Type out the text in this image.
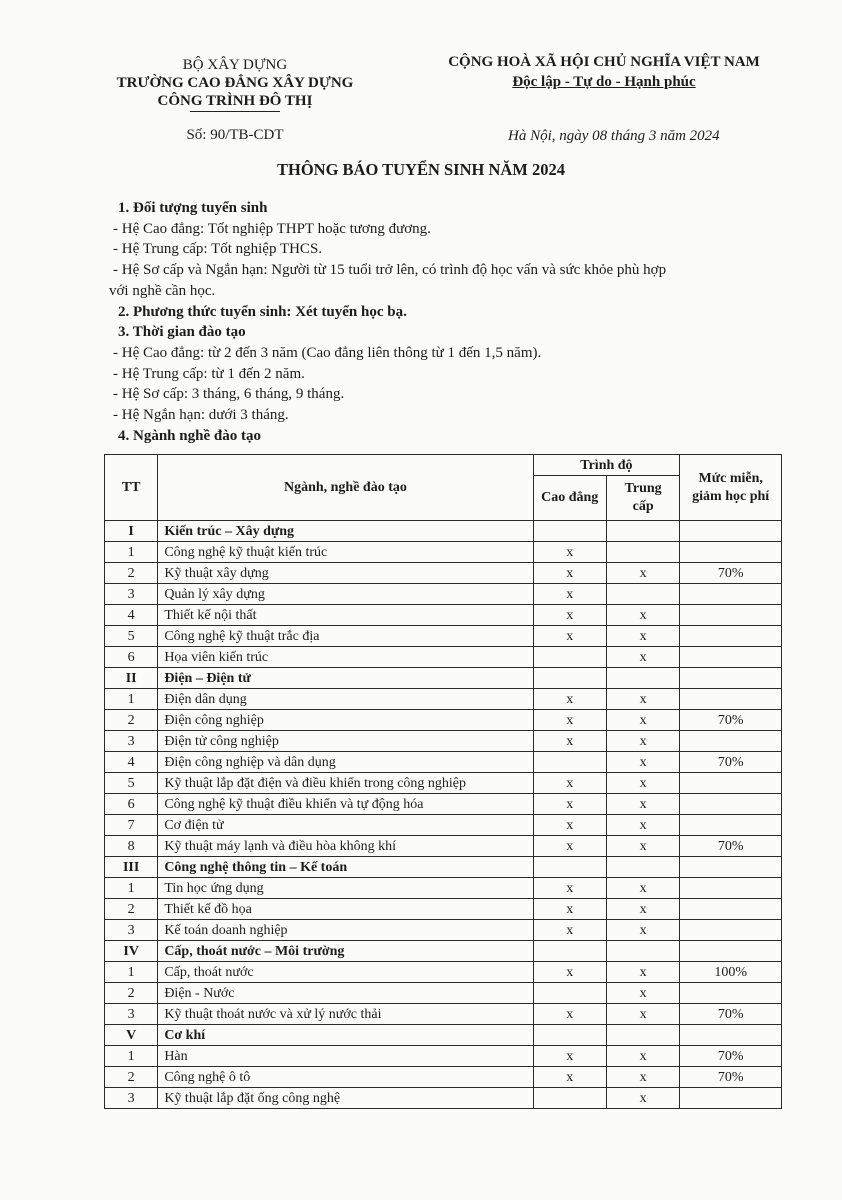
BỘ XÂY DỰNG
TRƯỜNG CAO ĐẲNG XÂY DỰNG
CÔNG TRÌNH ĐÔ THỊ
Số: 90/TB-CDT
CỘNG HOÀ XÃ HỘI CHỦ NGHĨA VIỆT NAM
Độc lập - Tự do - Hạnh phúc
Hà Nội, ngày 08 tháng 3 năm 2024
THÔNG BÁO TUYỂN SINH NĂM 2024

1. Đối tượng tuyển sinh

- Hệ Cao đẳng: Tốt nghiệp THPT hoặc tương đương.

- Hệ Trung cấp: Tốt nghiệp THCS.

- Hệ Sơ cấp và Ngắn hạn: Người từ 15 tuổi trở lên, có trình độ học vấn và sức khỏe phù hợp

với nghề cần học.

2. Phương thức tuyển sinh: Xét tuyển học bạ.

3. Thời gian đào tạo

- Hệ Cao đẳng: từ 2 đến 3 năm (Cao đẳng liên thông từ 1 đến 1,5 năm).

- Hệ Trung cấp: từ 1 đến 2 năm.

- Hệ Sơ cấp: 3 tháng, 6 tháng, 9 tháng.

- Hệ Ngắn hạn: dưới 3 tháng.

4. Ngành nghề đào tạo

TT	Ngành, nghề đào tạo	Trình độ		Mức miễn, giảm học phí
		Cao đẳng	Trung cấp	
I	Kiến trúc – Xây dựng			
1	Công nghệ kỹ thuật kiến trúc	x		
2	Kỹ thuật xây dựng	x	x	70%
3	Quản lý xây dựng	x		
4	Thiết kế nội thất	x	x	
5	Công nghệ kỹ thuật trắc địa	x	x	
6	Họa viên kiến trúc		x	
II	Điện – Điện tử			
1	Điện dân dụng	x	x	
2	Điện công nghiệp	x	x	70%
3	Điện tử công nghiệp	x	x	
4	Điện công nghiệp và dân dụng		x	70%
5	Kỹ thuật lắp đặt điện và điều khiển trong công nghiệp	x	x	
6	Công nghệ kỹ thuật điều khiển và tự động hóa	x	x	
7	Cơ điện tử	x	x	
8	Kỹ thuật máy lạnh và điều hòa không khí	x	x	70%
III	Công nghệ thông tin – Kế toán			
1	Tin học ứng dụng	x	x	
2	Thiết kế đồ họa	x	x	
3	Kế toán doanh nghiệp	x	x	
IV	Cấp, thoát nước – Môi trường			
1	Cấp, thoát nước	x	x	100%
2	Điện - Nước		x	
3	Kỹ thuật thoát nước và xử lý nước thải	x	x	70%
V	Cơ khí			
1	Hàn	x	x	70%
2	Công nghệ ô tô	x	x	70%
3	Kỹ thuật lắp đặt ống công nghệ		x	
